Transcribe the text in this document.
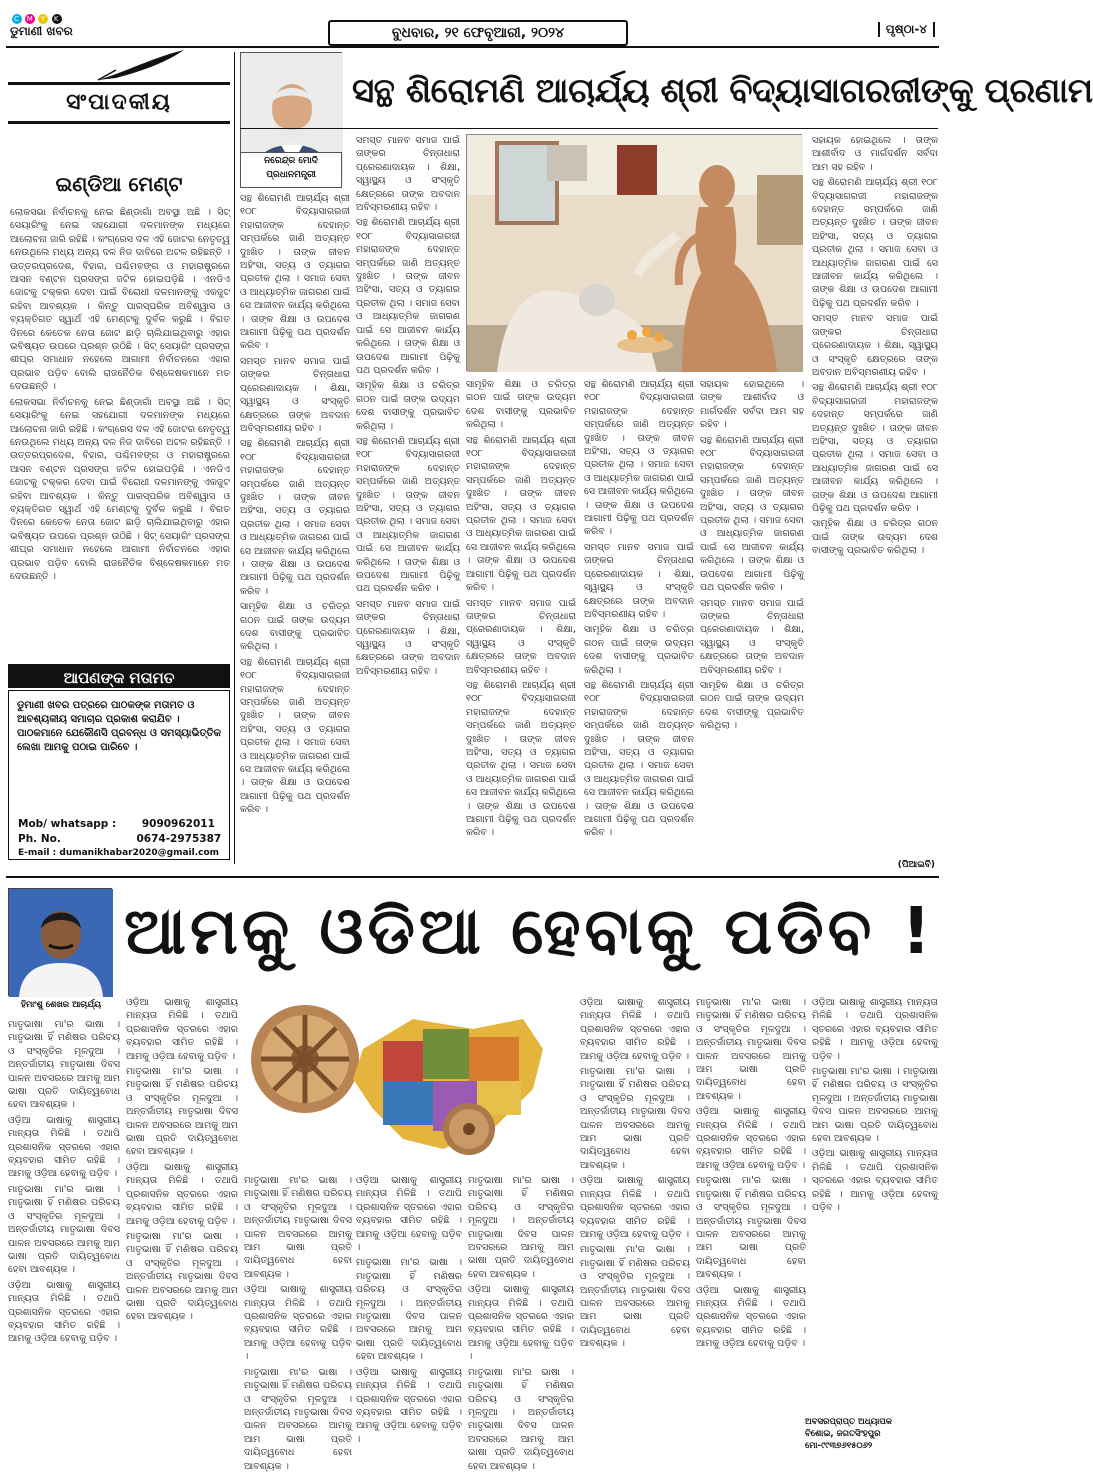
C M Y K
ଡୁମାଣୀ ଖବର	ବୁଧବାର, ୨୧ ଫେବୃଆରୀ, ୨୦୨୪	ପୃଷ୍ଠା-୪
ସଂପାଦକୀୟ
ଇଣ୍ଡିଆ ମେଣ୍ଟ

ଲୋକସଭା ନିର୍ବାଚନକୁ ନେଇ ଛିଣ୍ଡାଗାଁ ଅବସ୍ଥା ଅଛି । ସିଟ୍ ସେୟାରିଂକୁ ନେଇ ସହଯୋଗୀ ଦଳମାନଙ୍କ ମଧ୍ୟରେ ଆଲୋଚନା ଜାରି ରହିଛି । କଂଗ୍ରେସ ଦଳ ଏହି ଜୋଟର ନେତୃତ୍ୱ ନେଉଥିଲେ ମଧ୍ୟ ଅନ୍ୟ ଦଳ ନିଜ ଦାବିରେ ଅଟଳ ରହିଛନ୍ତି । ଉତ୍ତରପ୍ରଦେଶ, ବିହାର, ପଶ୍ଚିମବଙ୍ଗ ଓ ମହାରାଷ୍ଟ୍ରରେ ଆସନ ବଣ୍ଟନ ପ୍ରସଙ୍ଗ ଜଟିଳ ହୋଇପଡ଼ିଛି । ଏନଡିଏ ଜୋଟକୁ ଟକ୍କର ଦେବା ପାଇଁ ବିରୋଧୀ ଦଳମାନଙ୍କୁ ଏକଜୁଟ ରହିବା ଆବଶ୍ୟକ । କିନ୍ତୁ ପାରସ୍ପରିକ ଅବିଶ୍ୱାସ ଓ ବ୍ୟକ୍ତିଗତ ସ୍ୱାର୍ଥ ଏହି ମେଣ୍ଟକୁ ଦୁର୍ବଳ କରୁଛି । ବିଗତ ଦିନରେ କେତେକ ନେତା ଜୋଟ ଛାଡ଼ି ଚାଲିଯାଇଥିବାରୁ ଏହାର ଭବିଷ୍ୟତ ଉପରେ ପ୍ରଶ୍ନ ଉଠିଛି । ସିଟ୍ ସେୟାରିଂ ପ୍ରସଙ୍ଗ ଶୀଘ୍ର ସମାଧାନ ନହେଲେ ଆଗାମୀ ନିର୍ବାଚନରେ ଏହାର ପ୍ରଭାବ ପଡ଼ିବ ବୋଲି ରାଜନୈତିକ ବିଶ୍ଳେଷକମାନେ ମତ ଦେଉଛନ୍ତି ।

ଲୋକସଭା ନିର୍ବାଚନକୁ ନେଇ ଛିଣ୍ଡାଗାଁ ଅବସ୍ଥା ଅଛି । ସିଟ୍ ସେୟାରିଂକୁ ନେଇ ସହଯୋଗୀ ଦଳମାନଙ୍କ ମଧ୍ୟରେ ଆଲୋଚନା ଜାରି ରହିଛି । କଂଗ୍ରେସ ଦଳ ଏହି ଜୋଟର ନେତୃତ୍ୱ ନେଉଥିଲେ ମଧ୍ୟ ଅନ୍ୟ ଦଳ ନିଜ ଦାବିରେ ଅଟଳ ରହିଛନ୍ତି । ଉତ୍ତରପ୍ରଦେଶ, ବିହାର, ପଶ୍ଚିମବଙ୍ଗ ଓ ମହାରାଷ୍ଟ୍ରରେ ଆସନ ବଣ୍ଟନ ପ୍ରସଙ୍ଗ ଜଟିଳ ହୋଇପଡ଼ିଛି । ଏନଡିଏ ଜୋଟକୁ ଟକ୍କର ଦେବା ପାଇଁ ବିରୋଧୀ ଦଳମାନଙ୍କୁ ଏକଜୁଟ ରହିବା ଆବଶ୍ୟକ । କିନ୍ତୁ ପାରସ୍ପରିକ ଅବିଶ୍ୱାସ ଓ ବ୍ୟକ୍ତିଗତ ସ୍ୱାର୍ଥ ଏହି ମେଣ୍ଟକୁ ଦୁର୍ବଳ କରୁଛି । ବିଗତ ଦିନରେ କେତେକ ନେତା ଜୋଟ ଛାଡ଼ି ଚାଲିଯାଇଥିବାରୁ ଏହାର ଭବିଷ୍ୟତ ଉପରେ ପ୍ରଶ୍ନ ଉଠିଛି । ସିଟ୍ ସେୟାରିଂ ପ୍ରସଙ୍ଗ ଶୀଘ୍ର ସମାଧାନ ନହେଲେ ଆଗାମୀ ନିର୍ବାଚନରେ ଏହାର ପ୍ରଭାବ ପଡ଼ିବ ବୋଲି ରାଜନୈତିକ ବିଶ୍ଳେଷକମାନେ ମତ ଦେଉଛନ୍ତି ।

ଆପଣଙ୍କ ମତାମତ
ଡୁମାଣୀ ଖବର ପତ୍ରରେ ପାଠକଙ୍କ ମତାମତ ଓ ଆବଶ୍ୟକୀୟ ସମାଚାର ପ୍ରକାଶ କରାଯିବ । ପାଠକମାନେ ଯେକୌଣସି ପ୍ରବନ୍ଧ ଓ ସମସ୍ୟାଭିତ୍ତିକ ଲେଖା ଆମକୁ ପଠାଇ ପାରିବେ ।
Mob/ whatsapp : 9090962011
Ph. No.	0674-2975387
E-mail : dumanikhabar2020@gmail.com
ନରେନ୍ଦ୍ର ମୋଦି
ପ୍ରଧାନମନ୍ତ୍ରୀ
ସନ୍ଥ ଶିରୋମଣି ଆଚାର୍ଯ୍ୟ ଶ୍ରୀ ବିଦ୍ୟାସାଗରଜୀଙ୍କୁ ପ୍ରଣାମ

ସନ୍ଥ ଶିରୋମଣି ଆଚାର୍ଯ୍ୟ ଶ୍ରୀ ୧୦୮ ବିଦ୍ୟାସାଗରଜୀ ମହାରାଜଙ୍କ ଦେହାନ୍ତ ସମ୍ପର୍କରେ ଜାଣି ଅତ୍ୟନ୍ତ ଦୁଃଖିତ । ତାଙ୍କ ଜୀବନ ଅହିଂସା, ସତ୍ୟ ଓ ତ୍ୟାଗର ପ୍ରତୀକ ଥିଲା । ସମାଜ ସେବା ଓ ଆଧ୍ୟାତ୍ମିକ ଜାଗରଣ ପାଇଁ ସେ ଆଜୀବନ କାର୍ଯ୍ୟ କରିଥିଲେ । ତାଙ୍କ ଶିକ୍ଷା ଓ ଉପଦେଶ ଆଗାମୀ ପିଢ଼ିକୁ ପଥ ପ୍ରଦର୍ଶନ କରିବ ।

ସମସ୍ତ ମାନବ ସମାଜ ପାଇଁ ତାଙ୍କର ଚିନ୍ତାଧାରା ପ୍ରେରଣାଦାୟକ । ଶିକ୍ଷା, ସ୍ୱାସ୍ଥ୍ୟ ଓ ସଂସ୍କୃତି କ୍ଷେତ୍ରରେ ତାଙ୍କ ଅବଦାନ ଅବିସ୍ମରଣୀୟ ରହିବ ।

ସନ୍ଥ ଶିରୋମଣି ଆଚାର୍ଯ୍ୟ ଶ୍ରୀ ୧୦୮ ବିଦ୍ୟାସାଗରଜୀ ମହାରାଜଙ୍କ ଦେହାନ୍ତ ସମ୍ପର୍କରେ ଜାଣି ଅତ୍ୟନ୍ତ ଦୁଃଖିତ । ତାଙ୍କ ଜୀବନ ଅହିଂସା, ସତ୍ୟ ଓ ତ୍ୟାଗର ପ୍ରତୀକ ଥିଲା । ସମାଜ ସେବା ଓ ଆଧ୍ୟାତ୍ମିକ ଜାଗରଣ ପାଇଁ ସେ ଆଜୀବନ କାର୍ଯ୍ୟ କରିଥିଲେ । ତାଙ୍କ ଶିକ୍ଷା ଓ ଉପଦେଶ ଆଗାମୀ ପିଢ଼ିକୁ ପଥ ପ୍ରଦର୍ଶନ କରିବ ।

ସାମୂହିକ ଶିକ୍ଷା ଓ ଚରିତ୍ର ଗଠନ ପାଇଁ ତାଙ୍କ ଉଦ୍ୟମ ଦେଶ ବାସୀଙ୍କୁ ପ୍ରଭାବିତ କରିଥିଲା ।

ସନ୍ଥ ଶିରୋମଣି ଆଚାର୍ଯ୍ୟ ଶ୍ରୀ ୧୦୮ ବିଦ୍ୟାସାଗରଜୀ ମହାରାଜଙ୍କ ଦେହାନ୍ତ ସମ୍ପର୍କରେ ଜାଣି ଅତ୍ୟନ୍ତ ଦୁଃଖିତ । ତାଙ୍କ ଜୀବନ ଅହିଂସା, ସତ୍ୟ ଓ ତ୍ୟାଗର ପ୍ରତୀକ ଥିଲା । ସମାଜ ସେବା ଓ ଆଧ୍ୟାତ୍ମିକ ଜାଗରଣ ପାଇଁ ସେ ଆଜୀବନ କାର୍ଯ୍ୟ କରିଥିଲେ । ତାଙ୍କ ଶିକ୍ଷା ଓ ଉପଦେଶ ଆଗାମୀ ପିଢ଼ିକୁ ପଥ ପ୍ରଦର୍ଶନ କରିବ ।

ସମସ୍ତ ମାନବ ସମାଜ ପାଇଁ ତାଙ୍କର ଚିନ୍ତାଧାରା ପ୍ରେରଣାଦାୟକ । ଶିକ୍ଷା, ସ୍ୱାସ୍ଥ୍ୟ ଓ ସଂସ୍କୃତି କ୍ଷେତ୍ରରେ ତାଙ୍କ ଅବଦାନ ଅବିସ୍ମରଣୀୟ ରହିବ ।

ସନ୍ଥ ଶିରୋମଣି ଆଚାର୍ଯ୍ୟ ଶ୍ରୀ ୧୦୮ ବିଦ୍ୟାସାଗରଜୀ ମହାରାଜଙ୍କ ଦେହାନ୍ତ ସମ୍ପର୍କରେ ଜାଣି ଅତ୍ୟନ୍ତ ଦୁଃଖିତ । ତାଙ୍କ ଜୀବନ ଅହିଂସା, ସତ୍ୟ ଓ ତ୍ୟାଗର ପ୍ରତୀକ ଥିଲା । ସମାଜ ସେବା ଓ ଆଧ୍ୟାତ୍ମିକ ଜାଗରଣ ପାଇଁ ସେ ଆଜୀବନ କାର୍ଯ୍ୟ କରିଥିଲେ । ତାଙ୍କ ଶିକ୍ଷା ଓ ଉପଦେଶ ଆଗାମୀ ପିଢ଼ିକୁ ପଥ ପ୍ରଦର୍ଶନ କରିବ ।

ସାମୂହିକ ଶିକ୍ଷା ଓ ଚରିତ୍ର ଗଠନ ପାଇଁ ତାଙ୍କ ଉଦ୍ୟମ ଦେଶ ବାସୀଙ୍କୁ ପ୍ରଭାବିତ କରିଥିଲା ।

ସନ୍ଥ ଶିରୋମଣି ଆଚାର୍ଯ୍ୟ ଶ୍ରୀ ୧୦୮ ବିଦ୍ୟାସାଗରଜୀ ମହାରାଜଙ୍କ ଦେହାନ୍ତ ସମ୍ପର୍କରେ ଜାଣି ଅତ୍ୟନ୍ତ ଦୁଃଖିତ । ତାଙ୍କ ଜୀବନ ଅହିଂସା, ସତ୍ୟ ଓ ତ୍ୟାଗର ପ୍ରତୀକ ଥିଲା । ସମାଜ ସେବା ଓ ଆଧ୍ୟାତ୍ମିକ ଜାଗରଣ ପାଇଁ ସେ ଆଜୀବନ କାର୍ଯ୍ୟ କରିଥିଲେ । ତାଙ୍କ ଶିକ୍ଷା ଓ ଉପଦେଶ ଆଗାମୀ ପିଢ଼ିକୁ ପଥ ପ୍ରଦର୍ଶନ କରିବ ।

ସମସ୍ତ ମାନବ ସମାଜ ପାଇଁ ତାଙ୍କର ଚିନ୍ତାଧାରା ପ୍ରେରଣାଦାୟକ । ଶିକ୍ଷା, ସ୍ୱାସ୍ଥ୍ୟ ଓ ସଂସ୍କୃତି କ୍ଷେତ୍ରରେ ତାଙ୍କ ଅବଦାନ ଅବିସ୍ମରଣୀୟ ରହିବ ।

ସାମୂହିକ ଶିକ୍ଷା ଓ ଚରିତ୍ର ଗଠନ ପାଇଁ ତାଙ୍କ ଉଦ୍ୟମ ଦେଶ ବାସୀଙ୍କୁ ପ୍ରଭାବିତ କରିଥିଲା ।

ସନ୍ଥ ଶିରୋମଣି ଆଚାର୍ଯ୍ୟ ଶ୍ରୀ ୧୦୮ ବିଦ୍ୟାସାଗରଜୀ ମହାରାଜଙ୍କ ଦେହାନ୍ତ ସମ୍ପର୍କରେ ଜାଣି ଅତ୍ୟନ୍ତ ଦୁଃଖିତ । ତାଙ୍କ ଜୀବନ ଅହିଂସା, ସତ୍ୟ ଓ ତ୍ୟାଗର ପ୍ରତୀକ ଥିଲା । ସମାଜ ସେବା ଓ ଆଧ୍ୟାତ୍ମିକ ଜାଗରଣ ପାଇଁ ସେ ଆଜୀବନ କାର୍ଯ୍ୟ କରିଥିଲେ । ତାଙ୍କ ଶିକ୍ଷା ଓ ଉପଦେଶ ଆଗାମୀ ପିଢ଼ିକୁ ପଥ ପ୍ରଦର୍ଶନ କରିବ ।

ସମସ୍ତ ମାନବ ସମାଜ ପାଇଁ ତାଙ୍କର ଚିନ୍ତାଧାରା ପ୍ରେରଣାଦାୟକ । ଶିକ୍ଷା, ସ୍ୱାସ୍ଥ୍ୟ ଓ ସଂସ୍କୃତି କ୍ଷେତ୍ରରେ ତାଙ୍କ ଅବଦାନ ଅବିସ୍ମରଣୀୟ ରହିବ ।

ସନ୍ଥ ଶିରୋମଣି ଆଚାର୍ଯ୍ୟ ଶ୍ରୀ ୧୦୮ ବିଦ୍ୟାସାଗରଜୀ ମହାରାଜଙ୍କ ଦେହାନ୍ତ ସମ୍ପର୍କରେ ଜାଣି ଅତ୍ୟନ୍ତ ଦୁଃଖିତ । ତାଙ୍କ ଜୀବନ ଅହିଂସା, ସତ୍ୟ ଓ ତ୍ୟାଗର ପ୍ରତୀକ ଥିଲା । ସମାଜ ସେବା ଓ ଆଧ୍ୟାତ୍ମିକ ଜାଗରଣ ପାଇଁ ସେ ଆଜୀବନ କାର୍ଯ୍ୟ କରିଥିଲେ । ତାଙ୍କ ଶିକ୍ଷା ଓ ଉପଦେଶ ଆଗାମୀ ପିଢ଼ିକୁ ପଥ ପ୍ରଦର୍ଶନ କରିବ ।

ସନ୍ଥ ଶିରୋମଣି ଆଚାର୍ଯ୍ୟ ଶ୍ରୀ ୧୦୮ ବିଦ୍ୟାସାଗରଜୀ ମହାରାଜଙ୍କ ଦେହାନ୍ତ ସମ୍ପର୍କରେ ଜାଣି ଅତ୍ୟନ୍ତ ଦୁଃଖିତ । ତାଙ୍କ ଜୀବନ ଅହିଂସା, ସତ୍ୟ ଓ ତ୍ୟାଗର ପ୍ରତୀକ ଥିଲା । ସମାଜ ସେବା ଓ ଆଧ୍ୟାତ୍ମିକ ଜାଗରଣ ପାଇଁ ସେ ଆଜୀବନ କାର୍ଯ୍ୟ କରିଥିଲେ । ତାଙ୍କ ଶିକ୍ଷା ଓ ଉପଦେଶ ଆଗାମୀ ପିଢ଼ିକୁ ପଥ ପ୍ରଦର୍ଶନ କରିବ ।

ସମସ୍ତ ମାନବ ସମାଜ ପାଇଁ ତାଙ୍କର ଚିନ୍ତାଧାରା ପ୍ରେରଣାଦାୟକ । ଶିକ୍ଷା, ସ୍ୱାସ୍ଥ୍ୟ ଓ ସଂସ୍କୃତି କ୍ଷେତ୍ରରେ ତାଙ୍କ ଅବଦାନ ଅବିସ୍ମରଣୀୟ ରହିବ ।

ସାମୂହିକ ଶିକ୍ଷା ଓ ଚରିତ୍ର ଗଠନ ପାଇଁ ତାଙ୍କ ଉଦ୍ୟମ ଦେଶ ବାସୀଙ୍କୁ ପ୍ରଭାବିତ କରିଥିଲା ।

ସନ୍ଥ ଶିରୋମଣି ଆଚାର୍ଯ୍ୟ ଶ୍ରୀ ୧୦୮ ବିଦ୍ୟାସାଗରଜୀ ମହାରାଜଙ୍କ ଦେହାନ୍ତ ସମ୍ପର୍କରେ ଜାଣି ଅତ୍ୟନ୍ତ ଦୁଃଖିତ । ତାଙ୍କ ଜୀବନ ଅହିଂସା, ସତ୍ୟ ଓ ତ୍ୟାଗର ପ୍ରତୀକ ଥିଲା । ସମାଜ ସେବା ଓ ଆଧ୍ୟାତ୍ମିକ ଜାଗରଣ ପାଇଁ ସେ ଆଜୀବନ କାର୍ଯ୍ୟ କରିଥିଲେ । ତାଙ୍କ ଶିକ୍ଷା ଓ ଉପଦେଶ ଆଗାମୀ ପିଢ଼ିକୁ ପଥ ପ୍ରଦର୍ଶନ କରିବ ।

ସହାୟକ ହୋଇଥିଲେ । ତାଙ୍କ ଆଶୀର୍ବାଦ ଓ ମାର୍ଗଦର୍ଶନ ସର୍ବଦା ଆମ ସହ ରହିବ ।

ସନ୍ଥ ଶିରୋମଣି ଆଚାର୍ଯ୍ୟ ଶ୍ରୀ ୧୦୮ ବିଦ୍ୟାସାଗରଜୀ ମହାରାଜଙ୍କ ଦେହାନ୍ତ ସମ୍ପର୍କରେ ଜାଣି ଅତ୍ୟନ୍ତ ଦୁଃଖିତ । ତାଙ୍କ ଜୀବନ ଅହିଂସା, ସତ୍ୟ ଓ ତ୍ୟାଗର ପ୍ରତୀକ ଥିଲା । ସମାଜ ସେବା ଓ ଆଧ୍ୟାତ୍ମିକ ଜାଗରଣ ପାଇଁ ସେ ଆଜୀବନ କାର୍ଯ୍ୟ କରିଥିଲେ । ତାଙ୍କ ଶିକ୍ଷା ଓ ଉପଦେଶ ଆଗାମୀ ପିଢ଼ିକୁ ପଥ ପ୍ରଦର୍ଶନ କରିବ ।

ସମସ୍ତ ମାନବ ସମାଜ ପାଇଁ ତାଙ୍କର ଚିନ୍ତାଧାରା ପ୍ରେରଣାଦାୟକ । ଶିକ୍ଷା, ସ୍ୱାସ୍ଥ୍ୟ ଓ ସଂସ୍କୃତି କ୍ଷେତ୍ରରେ ତାଙ୍କ ଅବଦାନ ଅବିସ୍ମରଣୀୟ ରହିବ ।

ସାମୂହିକ ଶିକ୍ଷା ଓ ଚରିତ୍ର ଗଠନ ପାଇଁ ତାଙ୍କ ଉଦ୍ୟମ ଦେଶ ବାସୀଙ୍କୁ ପ୍ରଭାବିତ କରିଥିଲା ।

ସହାୟକ ହୋଇଥିଲେ । ତାଙ୍କ ଆଶୀର୍ବାଦ ଓ ମାର୍ଗଦର୍ଶନ ସର୍ବଦା ଆମ ସହ ରହିବ ।

ସନ୍ଥ ଶିରୋମଣି ଆଚାର୍ଯ୍ୟ ଶ୍ରୀ ୧୦୮ ବିଦ୍ୟାସାଗରଜୀ ମହାରାଜଙ୍କ ଦେହାନ୍ତ ସମ୍ପର୍କରେ ଜାଣି ଅତ୍ୟନ୍ତ ଦୁଃଖିତ । ତାଙ୍କ ଜୀବନ ଅହିଂସା, ସତ୍ୟ ଓ ତ୍ୟାଗର ପ୍ରତୀକ ଥିଲା । ସମାଜ ସେବା ଓ ଆଧ୍ୟାତ୍ମିକ ଜାଗରଣ ପାଇଁ ସେ ଆଜୀବନ କାର୍ଯ୍ୟ କରିଥିଲେ । ତାଙ୍କ ଶିକ୍ଷା ଓ ଉପଦେଶ ଆଗାମୀ ପିଢ଼ିକୁ ପଥ ପ୍ରଦର୍ଶନ କରିବ ।

ସମସ୍ତ ମାନବ ସମାଜ ପାଇଁ ତାଙ୍କର ଚିନ୍ତାଧାରା ପ୍ରେରଣାଦାୟକ । ଶିକ୍ଷା, ସ୍ୱାସ୍ଥ୍ୟ ଓ ସଂସ୍କୃତି କ୍ଷେତ୍ରରେ ତାଙ୍କ ଅବଦାନ ଅବିସ୍ମରଣୀୟ ରହିବ ।

ସନ୍ଥ ଶିରୋମଣି ଆଚାର୍ଯ୍ୟ ଶ୍ରୀ ୧୦୮ ବିଦ୍ୟାସାଗରଜୀ ମହାରାଜଙ୍କ ଦେହାନ୍ତ ସମ୍ପର୍କରେ ଜାଣି ଅତ୍ୟନ୍ତ ଦୁଃଖିତ । ତାଙ୍କ ଜୀବନ ଅହିଂସା, ସତ୍ୟ ଓ ତ୍ୟାଗର ପ୍ରତୀକ ଥିଲା । ସମାଜ ସେବା ଓ ଆଧ୍ୟାତ୍ମିକ ଜାଗରଣ ପାଇଁ ସେ ଆଜୀବନ କାର୍ଯ୍ୟ କରିଥିଲେ । ତାଙ୍କ ଶିକ୍ଷା ଓ ଉପଦେଶ ଆଗାମୀ ପିଢ଼ିକୁ ପଥ ପ୍ରଦର୍ଶନ କରିବ ।

ସାମୂହିକ ଶିକ୍ଷା ଓ ଚରିତ୍ର ଗଠନ ପାଇଁ ତାଙ୍କ ଉଦ୍ୟମ ଦେଶ ବାସୀଙ୍କୁ ପ୍ରଭାବିତ କରିଥିଲା ।

(ପିଆଇବି)
ହିମାଂଶୁ ଶେଖର ଆଚାର୍ଯ୍ୟ
ଆମକୁ ଓଡିଆ ହେବାକୁ ପଡିବ !

ମାତୃଭାଷା ମା'ର ଭାଷା । ମାତୃଭାଷା ହିଁ ମଣିଷର ପରିଚୟ ଓ ସଂସ୍କୃତିର ମୂଳଦୁଆ । ଅନ୍ତର୍ଜାତୀୟ ମାତୃଭାଷା ଦିବସ ପାଳନ ଅବସରରେ ଆମକୁ ଆମ ଭାଷା ପ୍ରତି ଦାୟିତ୍ୱବୋଧ ହେବା ଆବଶ୍ୟକ ।

ଓଡ଼ିଆ ଭାଷାକୁ ଶାସ୍ତ୍ରୀୟ ମାନ୍ୟତା ମିଳିଛି । ତଥାପି ପ୍ରଶାସନିକ ସ୍ତରରେ ଏହାର ବ୍ୟବହାର ସୀମିତ ରହିଛି । ଆମକୁ ଓଡ଼ିଆ ହେବାକୁ ପଡ଼ିବ ।

ମାତୃଭାଷା ମା'ର ଭାଷା । ମାତୃଭାଷା ହିଁ ମଣିଷର ପରିଚୟ ଓ ସଂସ୍କୃତିର ମୂଳଦୁଆ । ଅନ୍ତର୍ଜାତୀୟ ମାତୃଭାଷା ଦିବସ ପାଳନ ଅବସରରେ ଆମକୁ ଆମ ଭାଷା ପ୍ରତି ଦାୟିତ୍ୱବୋଧ ହେବା ଆବଶ୍ୟକ ।

ଓଡ଼ିଆ ଭାଷାକୁ ଶାସ୍ତ୍ରୀୟ ମାନ୍ୟତା ମିଳିଛି । ତଥାପି ପ୍ରଶାସନିକ ସ୍ତରରେ ଏହାର ବ୍ୟବହାର ସୀମିତ ରହିଛି । ଆମକୁ ଓଡ଼ିଆ ହେବାକୁ ପଡ଼ିବ ।

ଓଡ଼ିଆ ଭାଷାକୁ ଶାସ୍ତ୍ରୀୟ ମାନ୍ୟତା ମିଳିଛି । ତଥାପି ପ୍ରଶାସନିକ ସ୍ତରରେ ଏହାର ବ୍ୟବହାର ସୀମିତ ରହିଛି । ଆମକୁ ଓଡ଼ିଆ ହେବାକୁ ପଡ଼ିବ ।

ମାତୃଭାଷା ମା'ର ଭାଷା । ମାତୃଭାଷା ହିଁ ମଣିଷର ପରିଚୟ ଓ ସଂସ୍କୃତିର ମୂଳଦୁଆ । ଅନ୍ତର୍ଜାତୀୟ ମାତୃଭାଷା ଦିବସ ପାଳନ ଅବସରରେ ଆମକୁ ଆମ ଭାଷା ପ୍ରତି ଦାୟିତ୍ୱବୋଧ ହେବା ଆବଶ୍ୟକ ।

ଓଡ଼ିଆ ଭାଷାକୁ ଶାସ୍ତ୍ରୀୟ ମାନ୍ୟତା ମିଳିଛି । ତଥାପି ପ୍ରଶାସନିକ ସ୍ତରରେ ଏହାର ବ୍ୟବହାର ସୀମିତ ରହିଛି । ଆମକୁ ଓଡ଼ିଆ ହେବାକୁ ପଡ଼ିବ ।

ମାତୃଭାଷା ମା'ର ଭାଷା । ମାତୃଭାଷା ହିଁ ମଣିଷର ପରିଚୟ ଓ ସଂସ୍କୃତିର ମୂଳଦୁଆ । ଅନ୍ତର୍ଜାତୀୟ ମାତୃଭାଷା ଦିବସ ପାଳନ ଅବସରରେ ଆମକୁ ଆମ ଭାଷା ପ୍ରତି ଦାୟିତ୍ୱବୋଧ ହେବା ଆବଶ୍ୟକ ।

ମାତୃଭାଷା ମା'ର ଭାଷା । ମାତୃଭାଷା ହିଁ ମଣିଷର ପରିଚୟ ଓ ସଂସ୍କୃତିର ମୂଳଦୁଆ । ଅନ୍ତର୍ଜାତୀୟ ମାତୃଭାଷା ଦିବସ ପାଳନ ଅବସରରେ ଆମକୁ ଆମ ଭାଷା ପ୍ରତି ଦାୟିତ୍ୱବୋଧ ହେବା ଆବଶ୍ୟକ ।

ଓଡ଼ିଆ ଭାଷାକୁ ଶାସ୍ତ୍ରୀୟ ମାନ୍ୟତା ମିଳିଛି । ତଥାପି ପ୍ରଶାସନିକ ସ୍ତରରେ ଏହାର ବ୍ୟବହାର ସୀମିତ ରହିଛି । ଆମକୁ ଓଡ଼ିଆ ହେବାକୁ ପଡ଼ିବ ।

ମାତୃଭାଷା ମା'ର ଭାଷା । ମାତୃଭାଷା ହିଁ ମଣିଷର ପରିଚୟ ଓ ସଂସ୍କୃତିର ମୂଳଦୁଆ । ଅନ୍ତର୍ଜାତୀୟ ମାତୃଭାଷା ଦିବସ ପାଳନ ଅବସରରେ ଆମକୁ ଆମ ଭାଷା ପ୍ରତି ଦାୟିତ୍ୱବୋଧ ହେବା ଆବଶ୍ୟକ ।

ଓଡ଼ିଆ ଭାଷାକୁ ଶାସ୍ତ୍ରୀୟ ମାନ୍ୟତା ମିଳିଛି । ତଥାପି ପ୍ରଶାସନିକ ସ୍ତରରେ ଏହାର ବ୍ୟବହାର ସୀମିତ ରହିଛି । ଆମକୁ ଓଡ଼ିଆ ହେବାକୁ ପଡ଼ିବ ।

ମାତୃଭାଷା ମା'ର ଭାଷା । ମାତୃଭାଷା ହିଁ ମଣିଷର ପରିଚୟ ଓ ସଂସ୍କୃତିର ମୂଳଦୁଆ । ଅନ୍ତର୍ଜାତୀୟ ମାତୃଭାଷା ଦିବସ ପାଳନ ଅବସରରେ ଆମକୁ ଆମ ଭାଷା ପ୍ରତି ଦାୟିତ୍ୱବୋଧ ହେବା ଆବଶ୍ୟକ ।

ଓଡ଼ିଆ ଭାଷାକୁ ଶାସ୍ତ୍ରୀୟ ମାନ୍ୟତା ମିଳିଛି । ତଥାପି ପ୍ରଶାସନିକ ସ୍ତରରେ ଏହାର ବ୍ୟବହାର ସୀମିତ ରହିଛି । ଆମକୁ ଓଡ଼ିଆ ହେବାକୁ ପଡ଼ିବ ।

ମାତୃଭାଷା ମା'ର ଭାଷା । ମାତୃଭାଷା ହିଁ ମଣିଷର ପରିଚୟ ଓ ସଂସ୍କୃତିର ମୂଳଦୁଆ । ଅନ୍ତର୍ଜାତୀୟ ମାତୃଭାଷା ଦିବସ ପାଳନ ଅବସରରେ ଆମକୁ ଆମ ଭାଷା ପ୍ରତି ଦାୟିତ୍ୱବୋଧ ହେବା ଆବଶ୍ୟକ ।

ଓଡ଼ିଆ ଭାଷାକୁ ଶାସ୍ତ୍ରୀୟ ମାନ୍ୟତା ମିଳିଛି । ତଥାପି ପ୍ରଶାସନିକ ସ୍ତରରେ ଏହାର ବ୍ୟବହାର ସୀମିତ ରହିଛି । ଆମକୁ ଓଡ଼ିଆ ହେବାକୁ ପଡ଼ିବ ।

ମାତୃଭାଷା ମା'ର ଭାଷା । ମାତୃଭାଷା ହିଁ ମଣିଷର ପରିଚୟ ଓ ସଂସ୍କୃତିର ମୂଳଦୁଆ । ଅନ୍ତର୍ଜାତୀୟ ମାତୃଭାଷା ଦିବସ ପାଳନ ଅବସରରେ ଆମକୁ ଆମ ଭାଷା ପ୍ରତି ଦାୟିତ୍ୱବୋଧ ହେବା ଆବଶ୍ୟକ ।

ଓଡ଼ିଆ ଭାଷାକୁ ଶାସ୍ତ୍ରୀୟ ମାନ୍ୟତା ମିଳିଛି । ତଥାପି ପ୍ରଶାସନିକ ସ୍ତରରେ ଏହାର ବ୍ୟବହାର ସୀମିତ ରହିଛି । ଆମକୁ ଓଡ଼ିଆ ହେବାକୁ ପଡ଼ିବ ।

ମାତୃଭାଷା ମା'ର ଭାଷା । ମାତୃଭାଷା ହିଁ ମଣିଷର ପରିଚୟ ଓ ସଂସ୍କୃତିର ମୂଳଦୁଆ । ଅନ୍ତର୍ଜାତୀୟ ମାତୃଭାଷା ଦିବସ ପାଳନ ଅବସରରେ ଆମକୁ ଆମ ଭାଷା ପ୍ରତି ଦାୟିତ୍ୱବୋଧ ହେବା ଆବଶ୍ୟକ ।

ଓଡ଼ିଆ ଭାଷାକୁ ଶାସ୍ତ୍ରୀୟ ମାନ୍ୟତା ମିଳିଛି । ତଥାପି ପ୍ରଶାସନିକ ସ୍ତରରେ ଏହାର ବ୍ୟବହାର ସୀମିତ ରହିଛି । ଆମକୁ ଓଡ଼ିଆ ହେବାକୁ ପଡ଼ିବ ।

ମାତୃଭାଷା ମା'ର ଭାଷା । ମାତୃଭାଷା ହିଁ ମଣିଷର ପରିଚୟ ଓ ସଂସ୍କୃତିର ମୂଳଦୁଆ । ଅନ୍ତର୍ଜାତୀୟ ମାତୃଭାଷା ଦିବସ ପାଳନ ଅବସରରେ ଆମକୁ ଆମ ଭାଷା ପ୍ରତି ଦାୟିତ୍ୱବୋଧ ହେବା ଆବଶ୍ୟକ ।

ମାତୃଭାଷା ମା'ର ଭାଷା । ମାତୃଭାଷା ହିଁ ମଣିଷର ପରିଚୟ ଓ ସଂସ୍କୃତିର ମୂଳଦୁଆ । ଅନ୍ତର୍ଜାତୀୟ ମାତୃଭାଷା ଦିବସ ପାଳନ ଅବସରରେ ଆମକୁ ଆମ ଭାଷା ପ୍ରତି ଦାୟିତ୍ୱବୋଧ ହେବା ଆବଶ୍ୟକ ।

ଓଡ଼ିଆ ଭାଷାକୁ ଶାସ୍ତ୍ରୀୟ ମାନ୍ୟତା ମିଳିଛି । ତଥାପି ପ୍ରଶାସନିକ ସ୍ତରରେ ଏହାର ବ୍ୟବହାର ସୀମିତ ରହିଛି । ଆମକୁ ଓଡ଼ିଆ ହେବାକୁ ପଡ଼ିବ ।

ମାତୃଭାଷା ମା'ର ଭାଷା । ମାତୃଭାଷା ହିଁ ମଣିଷର ପରିଚୟ ଓ ସଂସ୍କୃତିର ମୂଳଦୁଆ । ଅନ୍ତର୍ଜାତୀୟ ମାତୃଭାଷା ଦିବସ ପାଳନ ଅବସରରେ ଆମକୁ ଆମ ଭାଷା ପ୍ରତି ଦାୟିତ୍ୱବୋଧ ହେବା ଆବଶ୍ୟକ ।

ଓଡ଼ିଆ ଭାଷାକୁ ଶାସ୍ତ୍ରୀୟ ମାନ୍ୟତା ମିଳିଛି । ତଥାପି ପ୍ରଶାସନିକ ସ୍ତରରେ ଏହାର ବ୍ୟବହାର ସୀମିତ ରହିଛି । ଆମକୁ ଓଡ଼ିଆ ହେବାକୁ ପଡ଼ିବ ।

ଓଡ଼ିଆ ଭାଷାକୁ ଶାସ୍ତ୍ରୀୟ ମାନ୍ୟତା ମିଳିଛି । ତଥାପି ପ୍ରଶାସନିକ ସ୍ତରରେ ଏହାର ବ୍ୟବହାର ସୀମିତ ରହିଛି । ଆମକୁ ଓଡ଼ିଆ ହେବାକୁ ପଡ଼ିବ ।

ମାତୃଭାଷା ମା'ର ଭାଷା । ମାତୃଭାଷା ହିଁ ମଣିଷର ପରିଚୟ ଓ ସଂସ୍କୃତିର ମୂଳଦୁଆ । ଅନ୍ତର୍ଜାତୀୟ ମାତୃଭାଷା ଦିବସ ପାଳନ ଅବସରରେ ଆମକୁ ଆମ ଭାଷା ପ୍ରତି ଦାୟିତ୍ୱବୋଧ ହେବା ଆବଶ୍ୟକ ।

ଓଡ଼ିଆ ଭାଷାକୁ ଶାସ୍ତ୍ରୀୟ ମାନ୍ୟତା ମିଳିଛି । ତଥାପି ପ୍ରଶାସନିକ ସ୍ତରରେ ଏହାର ବ୍ୟବହାର ସୀମିତ ରହିଛି । ଆମକୁ ଓଡ଼ିଆ ହେବାକୁ ପଡ଼ିବ ।

ଅବସରପ୍ରାପ୍ତ ଅଧ୍ୟାପକ
ବିଶୋଇ, ଜଗତସିଂହପୁର
ମୋ-୯୯୩୭୬୧୫୦୬୨
